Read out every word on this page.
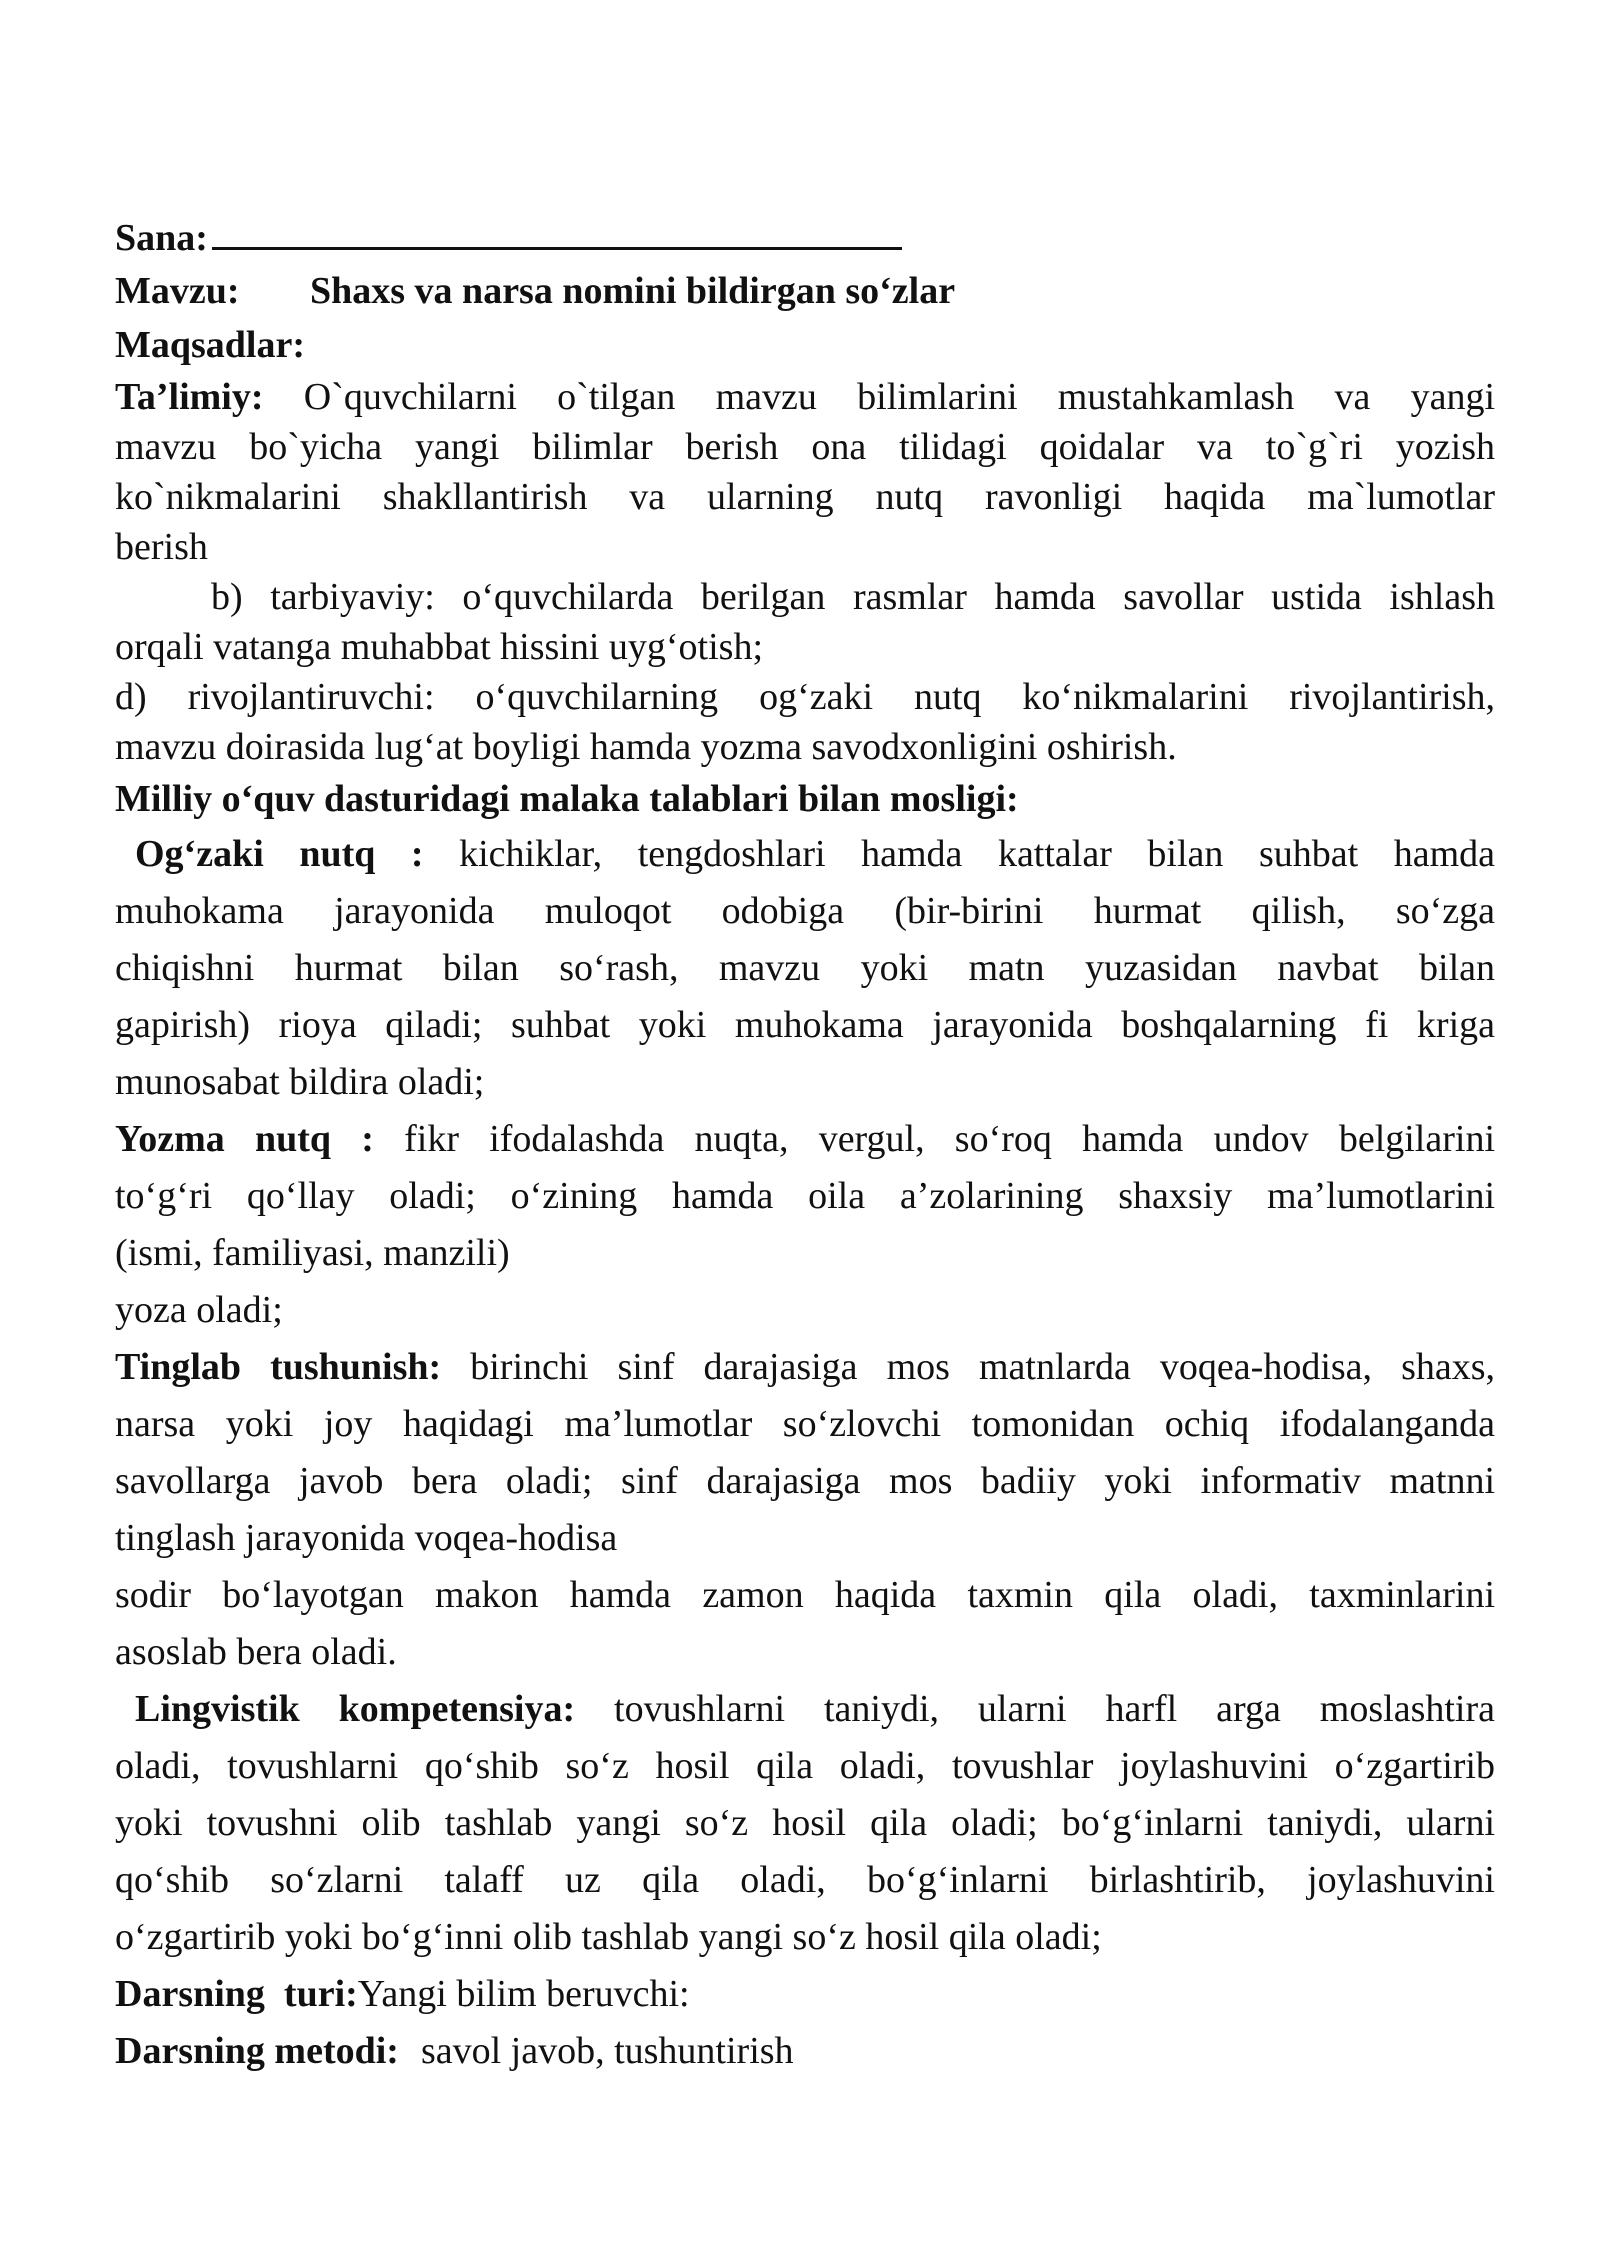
Sana:

Mavzu: Shaxs va narsa nomini bildirgan so‘zlar

Maqsadlar:

Ta’limiy: O`quvchilarni o`tilgan mavzu bilimlarini mustahkamlash va yangi

mavzu bo`yicha yangi bilimlar berish ona tilidagi qoidalar va to`g`ri yozish

ko`nikmalarini shakllantirish va ularning nutq ravonligi haqida ma`lumotlar

berish

b) tarbiyaviy: o‘quvchilarda berilgan rasmlar hamda savollar ustida ishlash

orqali vatanga muhabbat hissini uyg‘otish;

d) rivojlantiruvchi: o‘quvchilarning og‘zaki nutq ko‘nikmalarini rivojlantirish,

mavzu doirasida lug‘at boyligi hamda yozma savodxonligini oshirish.

Milliy o‘quv dasturidagi malaka talablari bilan mosligi:

Og‘zaki nutq : kichiklar, tengdoshlari hamda kattalar bilan suhbat hamda

muhokama jarayonida muloqot odobiga (bir-birini hurmat qilish, so‘zga

chiqishni hurmat bilan so‘rash, mavzu yoki matn yuzasidan navbat bilan

gapirish) rioya qiladi; suhbat yoki muhokama jarayonida boshqalarning fi kriga

munosabat bildira oladi;

Yozma nutq : fikr ifodalashda nuqta, vergul, so‘roq hamda undov belgilarini

to‘g‘ri qo‘llay oladi; o‘zining hamda oila a’zolarining shaxsiy ma’lumotlarini

(ismi, familiyasi, manzili)

yoza oladi;

Tinglab tushunish: birinchi sinf darajasiga mos matnlarda voqea-hodisa, shaxs,

narsa yoki joy haqidagi ma’lumotlar so‘zlovchi tomonidan ochiq ifodalanganda

savollarga javob bera oladi; sinf darajasiga mos badiiy yoki informativ matnni

tinglash jarayonida voqea-hodisa

sodir bo‘layotgan makon hamda zamon haqida taxmin qila oladi, taxminlarini

asoslab bera oladi.

Lingvistik kompetensiya: tovushlarni taniydi, ularni harfl arga moslashtira

oladi, tovushlarni qo‘shib so‘z hosil qila oladi, tovushlar joylashuvini o‘zgartirib

yoki tovushni olib tashlab yangi so‘z hosil qila oladi; bo‘g‘inlarni taniydi, ularni

qo‘shib so‘zlarni talaff uz qila oladi, bo‘g‘inlarni birlashtirib, joylashuvini

o‘zgartirib yoki bo‘g‘inni olib tashlab yangi so‘z hosil qila oladi;

Darsning  turi:Yangi bilim beruvchi:

Darsning metodi: savol javob, tushuntirish
